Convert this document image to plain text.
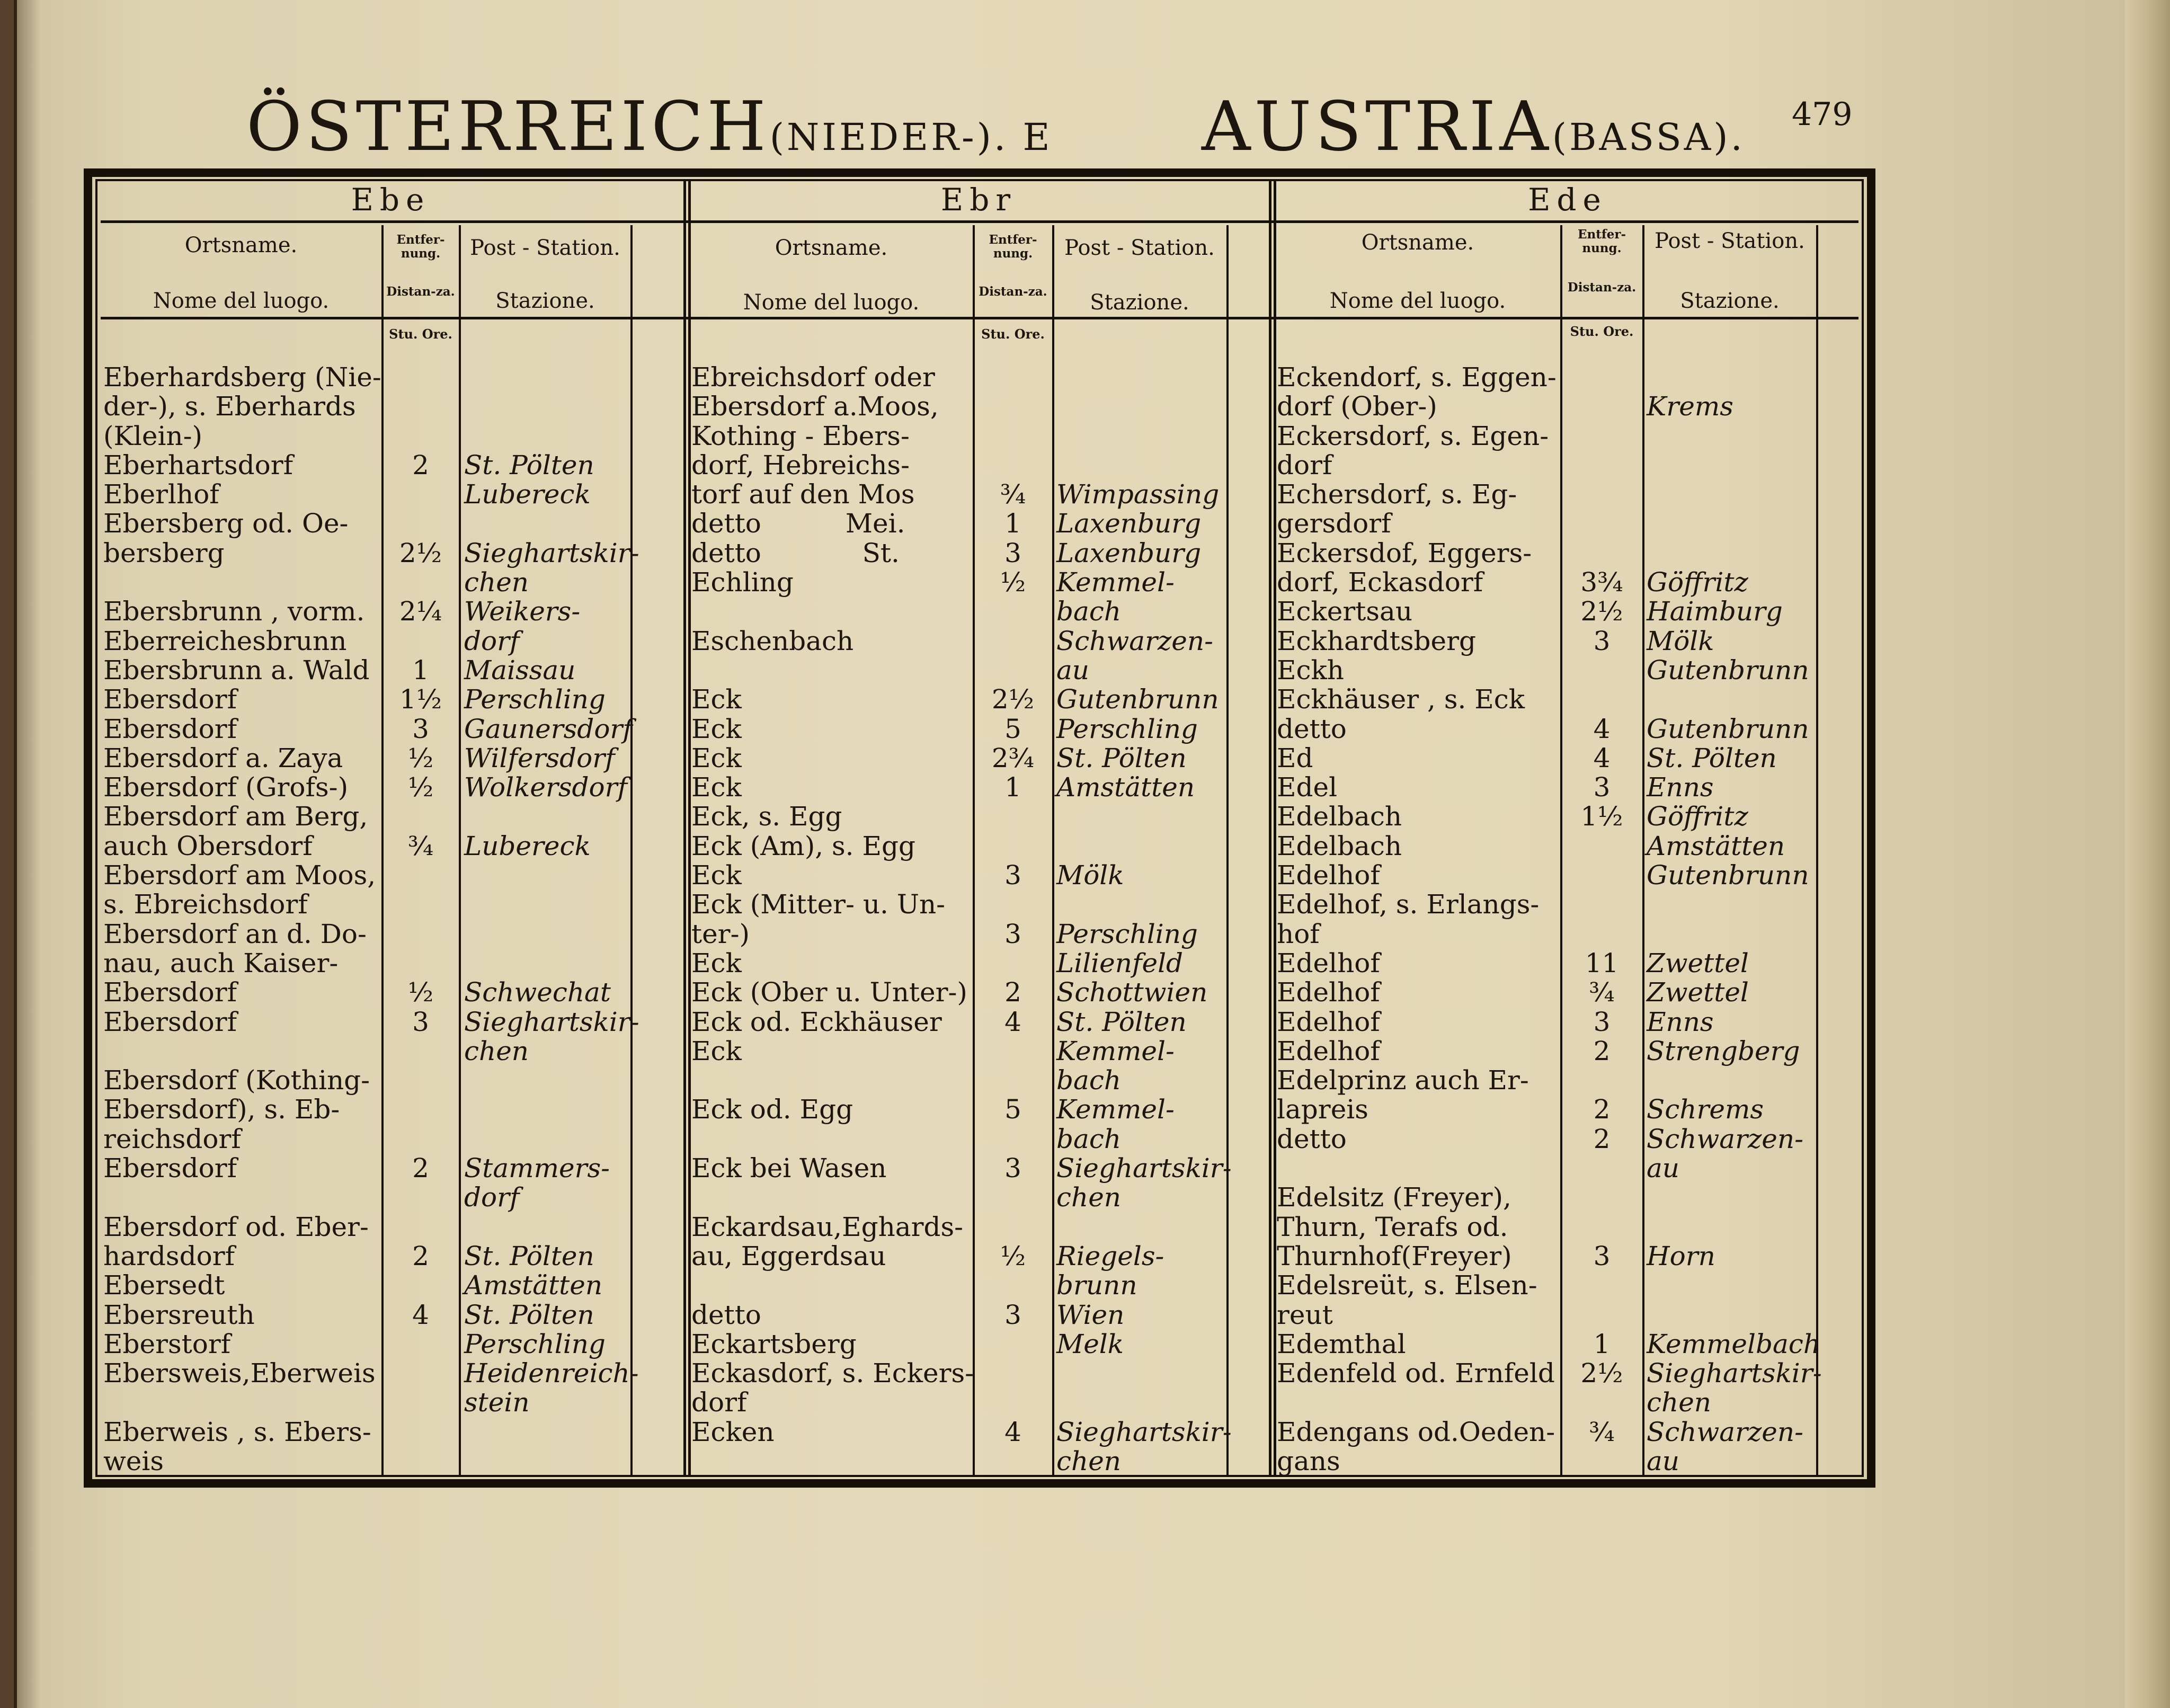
ÖSTERREICH(NIEDER-). E AUSTRIA(BASSA).
479
Ebe	Ebr	Ede
Ortsname.
Nome del luogo.
Entfer-nung.
Distan-za.
Post - Station.
Stazione.
Stu. Ore.
Ortsname.
Nome del luogo.
Entfer-nung.
Distan-za.
Post - Station.
Stazione.
Stu. Ore.
Ortsname.
Nome del luogo.
Entfer-nung.
Distan-za.
Post - Station.
Stazione.
Stu. Ore.
Eberhardsberg (Nie-
der-), s. Eberhards
(Klein-)
Eberhartsdorf
Eberlhof
Ebersberg od. Oe-
bersberg
Ebersbrunn , vorm.
Eberreichesbrunn
Ebersbrunn a. Wald
Ebersdorf
Ebersdorf
Ebersdorf a. Zaya
Ebersdorf (Grofs-)
Ebersdorf am Berg,
auch Obersdorf
Ebersdorf am Moos,
s. Ebreichsdorf
Ebersdorf an d. Do-
nau, auch Kaiser-
Ebersdorf
Ebersdorf
Ebersdorf (Kothing-
Ebersdorf), s. Eb-
reichsdorf
Ebersdorf
Ebersdorf od. Eber-
hardsdorf
Ebersedt
Ebersreuth
Eberstorf
Ebersweis,Eberweis
Eberweis , s. Ebers-
weis
2
2½
2¼
1
1½
3
½
½
¾
½
3
2
2
4
St. Pölten
Lubereck
Sieghartskir-
chen
Weikers-
dorf
Maissau
Perschling
Gaunersdorf
Wilfersdorf
Wolkersdorf
Lubereck
Schwechat
Sieghartskir-
chen
Stammers-
dorf
St. Pölten
Amstätten
St. Pölten
Perschling
Heidenreich-
stein
Ebreichsdorf oder
Ebersdorf a.Moos,
Kothing - Ebers-
dorf, Hebreichs-
torf auf den Mos
detto          Mei.
detto            St.
Echling
Eschenbach
Eck
Eck
Eck
Eck
Eck, s. Egg
Eck (Am), s. Egg
Eck
Eck (Mitter- u. Un-
ter-)
Eck
Eck (Ober u. Unter-)
Eck od. Eckhäuser
Eck
Eck od. Egg
Eck bei Wasen
Eckardsau,Eghards-
au, Eggerdsau
detto
Eckartsberg
Eckasdorf, s. Eckers-
dorf
Ecken
¾
1
3
½
2½
5
2¾
1
3
3
2
4
5
3
½
3
4
Wimpassing
Laxenburg
Laxenburg
Kemmel-
bach
Schwarzen-
au
Gutenbrunn
Perschling
St. Pölten
Amstätten
Mölk
Perschling
Lilienfeld
Schottwien
St. Pölten
Kemmel-
bach
Kemmel-
bach
Sieghartskir-
chen
Riegels-
brunn
Wien
Melk
Sieghartskir-
chen
Eckendorf, s. Eggen-
dorf (Ober-)
Eckersdorf, s. Egen-
dorf
Echersdorf, s. Eg-
gersdorf
Eckersdof, Eggers-
dorf, Eckasdorf
Eckertsau
Eckhardtsberg
Eckh
Eckhäuser , s. Eck
detto
Ed
Edel
Edelbach
Edelbach
Edelhof
Edelhof, s. Erlangs-
hof
Edelhof
Edelhof
Edelhof
Edelhof
Edelprinz auch Er-
lapreis
detto
Edelsitz (Freyer),
Thurn, Terafs od.
Thurnhof(Freyer)
Edelsreüt, s. Elsen-
reut
Edemthal
Edenfeld od. Ernfeld
Edengans od.Oeden-
gans
3¾
2½
3
4
4
3
1½
11
¾
3
2
2
2
3
1
2½
¾
Krems
Göffritz
Haimburg
Mölk
Gutenbrunn
Gutenbrunn
St. Pölten
Enns
Göffritz
Amstätten
Gutenbrunn
Zwettel
Zwettel
Enns
Strengberg
Schrems
Schwarzen-
au
Horn
Kemmelbach
Sieghartskir-
chen
Schwarzen-
au
